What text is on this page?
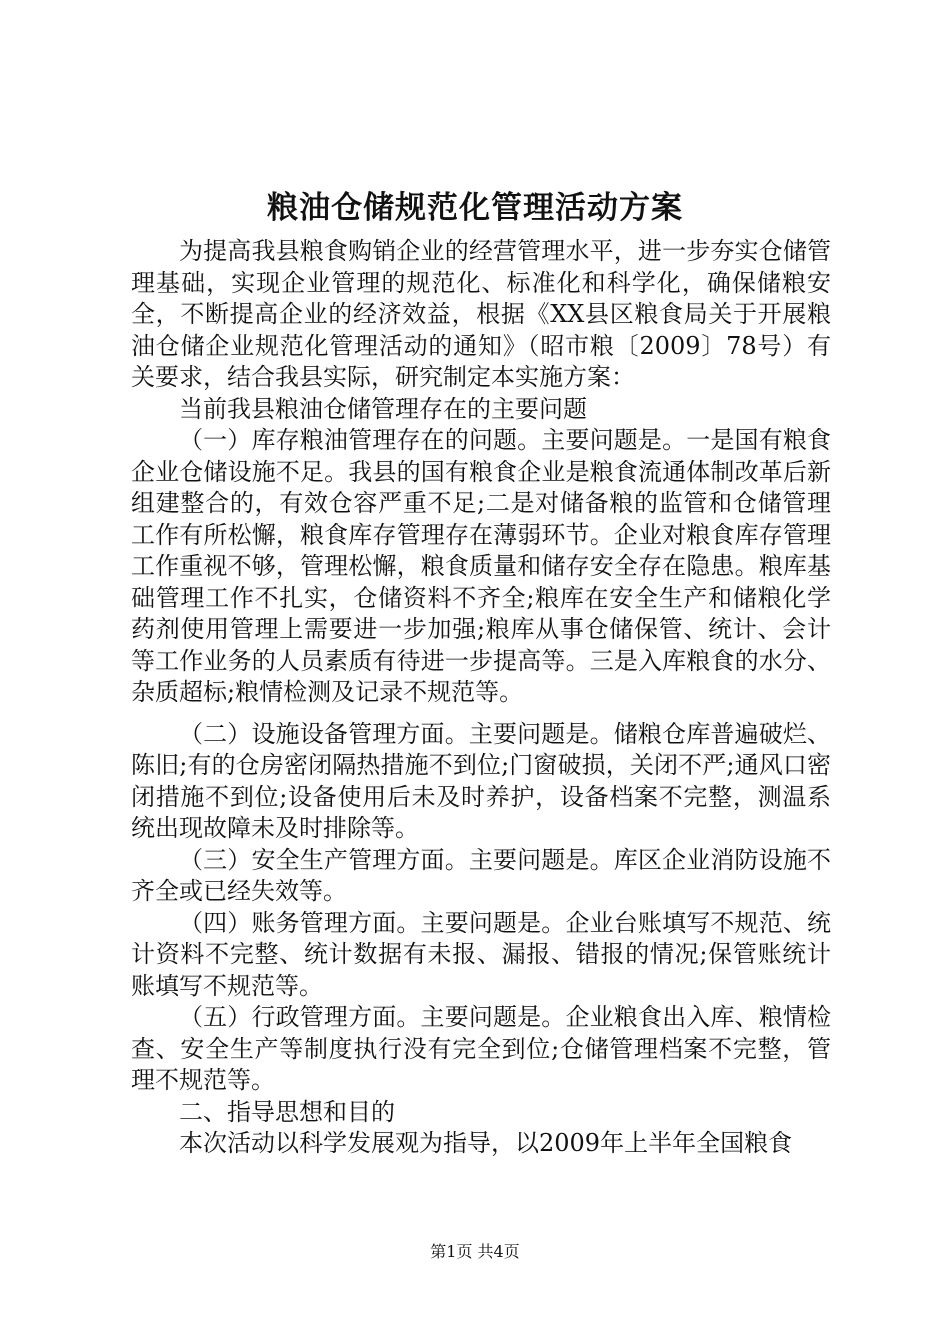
粮油仓储规范化管理活动方案

为提高我县粮食购销企业的经营管理水平，进一步夯实仓储管理基础，实现企业管理的规范化、标准化和科学化，确保储粮安全，不断提高企业的经济效益，根据《XX县区粮食局关于开展粮油仓储企业规范化管理活动的通知》（昭市粮〔2009〕78号）有关要求，结合我县实际，研究制定本实施方案：

当前我县粮油仓储管理存在的主要问题

（一）库存粮油管理存在的问题。主要问题是。一是国有粮食企业仓储设施不足。我县的国有粮食企业是粮食流通体制改革后新组建整合的，有效仓容严重不足;二是对储备粮的监管和仓储管理工作有所松懈，粮食库存管理存在薄弱环节。企业对粮食库存管理工作重视不够，管理松懈，粮食质量和储存安全存在隐患。粮库基础管理工作不扎实，仓储资料不齐全;粮库在安全生产和储粮化学药剂使用管理上需要进一步加强;粮库从事仓储保管、统计、会计等工作业务的人员素质有待进一步提高等。三是入库粮食的水分、杂质超标;粮情检测及记录不规范等。

（二）设施设备管理方面。主要问题是。储粮仓库普遍破烂、陈旧;有的仓房密闭隔热措施不到位;门窗破损，关闭不严;通风口密闭措施不到位;设备使用后未及时养护，设备档案不完整，测温系统出现故障未及时排除等。

（三）安全生产管理方面。主要问题是。库区企业消防设施不齐全或已经失效等。

（四）账务管理方面。主要问题是。企业台账填写不规范、统计资料不完整、统计数据有未报、漏报、错报的情况;保管账统计账填写不规范等。

（五）行政管理方面。主要问题是。企业粮食出入库、粮情检查、安全生产等制度执行没有完全到位;仓储管理档案不完整，管理不规范等。

二、指导思想和目的

本次活动以科学发展观为指导，以2009年上半年全国粮食

第1页 共4页
